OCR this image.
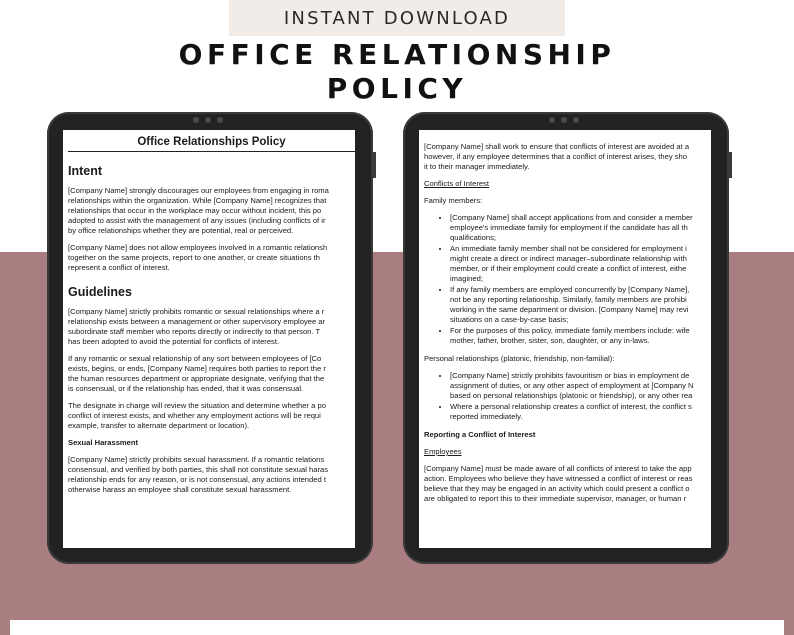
INSTANT DOWNLOAD
OFFICE RELATIONSHIP
POLICY
Office Relationships Policy
Intent

[Company Name] strongly discourages our employees from engaging in roma
relationships within the organization. While [Company Name] recognizes that
relationships that occur in the workplace may occur without incident, this po
adopted to assist with the management of any issues (including conflicts of ir
by office relationships whether they are potential, real or perceived.

[Company Name] does not allow employees involved in a romantic relationsh
together on the same projects, report to one another, or create situations th
represent a conflict of interest.

Guidelines

[Company Name] strictly prohibits romantic or sexual relationships where a r
relationship exists between a management or other supervisory employee ar
subordinate staff member who reports directly or indirectly to that person. T
has been adopted to avoid the potential for conflicts of interest.

If any romantic or sexual relationship of any sort between employees of [Co
exists, begins, or ends, [Company Name] requires both parties to report the r
the human resources department or appropriate designate, verifying that the
is consensual, or if the relationship has ended, that it was consensual.

The designate in charge will review the situation and determine whether a po
conflict of interest exists, and whether any employment actions will be requi
example, transfer to alternate department or location).

Sexual Harassment

[Company Name] strictly prohibits sexual harassment. If a romantic relations
consensual, and verified by both parties, this shall not constitute sexual haras
relationship ends for any reason, or is not consensual, any actions intended t
otherwise harass an employee shall constitute sexual harassment.

[Company Name] shall work to ensure that conflicts of interest are avoided at a
however, if any employee determines that a conflict of interest arises, they sho
it to their manager immediately.

Conflicts of Interest

Family members:

• [Company Name] shall accept applications from and consider a member
employee's immediate family for employment if the candidate has all th
qualifications;
• An immediate family member shall not be considered for employment i
might create a direct or indirect manager–subordinate relationship with
member, or if their employment could create a conflict of interest, eithe
imagined;
• If any family members are employed concurrently by [Company Name],
not be any reporting relationship. Similarly, family members are prohibi
working in the same department or division. [Company Name] may revi
situations on a case-by-case basis;
• For the purposes of this policy, immediate family members include: wife
mother, father, brother, sister, son, daughter, or any in-laws.

Personal relationships (platonic, friendship, non-familial):

• [Company Name] strictly prohibits favouritism or bias in employment de
assignment of duties, or any other aspect of employment at [Company N
based on personal relationships (platonic or friendship), or any other rea
• Where a personal relationship creates a conflict of interest, the conflict s
reported immediately.

Reporting a Conflict of Interest

Employees

[Company Name] must be made aware of all conflicts of interest to take the app
action. Employees who believe they have witnessed a conflict of interest or reas
believe that they may be engaged in an activity which could present a conflict o
are obligated to report this to their immediate supervisor, manager, or human r
